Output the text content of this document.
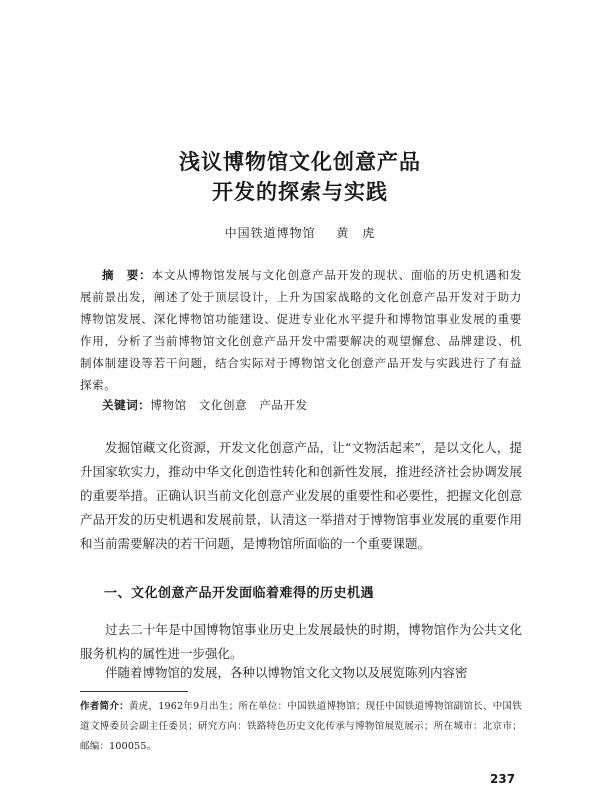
浅议博物馆文化创意产品
开发的探索与实践
中国铁道博物馆 黄　虎
摘　要：本文从博物馆发展与文化创意产品开发的现状、面临的历史机遇和发展前景出发，阐述了处于顶层设计，上升为国家战略的文化创意产品开发对于助力博物馆发展、深化博物馆功能建设、促进专业化水平提升和博物馆事业发展的重要作用，分析了当前博物馆文化创意产品开发中需要解决的观望懈怠、品牌建设、机制体制建设等若干问题，结合实际对于博物馆文化创意产品开发与实践进行了有益探索。
关键词：博物馆　文化创意　产品开发

发掘馆藏文化资源，开发文化创意产品，让“文物活起来”，是以文化人，提升国家软实力，推动中华文化创造性转化和创新性发展，推进经济社会协调发展的重要举措。正确认识当前文化创意产业发展的重要性和必要性，把握文化创意产品开发的历史机遇和发展前景，认清这一举措对于博物馆事业发展的重要作用和当前需要解决的若干问题，是博物馆所面临的一个重要课题。

一、文化创意产品开发面临着难得的历史机遇

过去二十年是中国博物馆事业历史上发展最快的时期，博物馆作为公共文化服务机构的属性进一步强化。

伴随着博物馆的发展，各种以博物馆文化文物以及展览陈列内容密

作者简介：黄虎，1962年9月出生；所在单位：中国铁道博物馆；现任中国铁道博物馆副馆长、中国铁道文博委员会副主任委员；研究方向：铁路特色历史文化传承与博物馆展览展示；所在城市：北京市；邮编：100055。

237
